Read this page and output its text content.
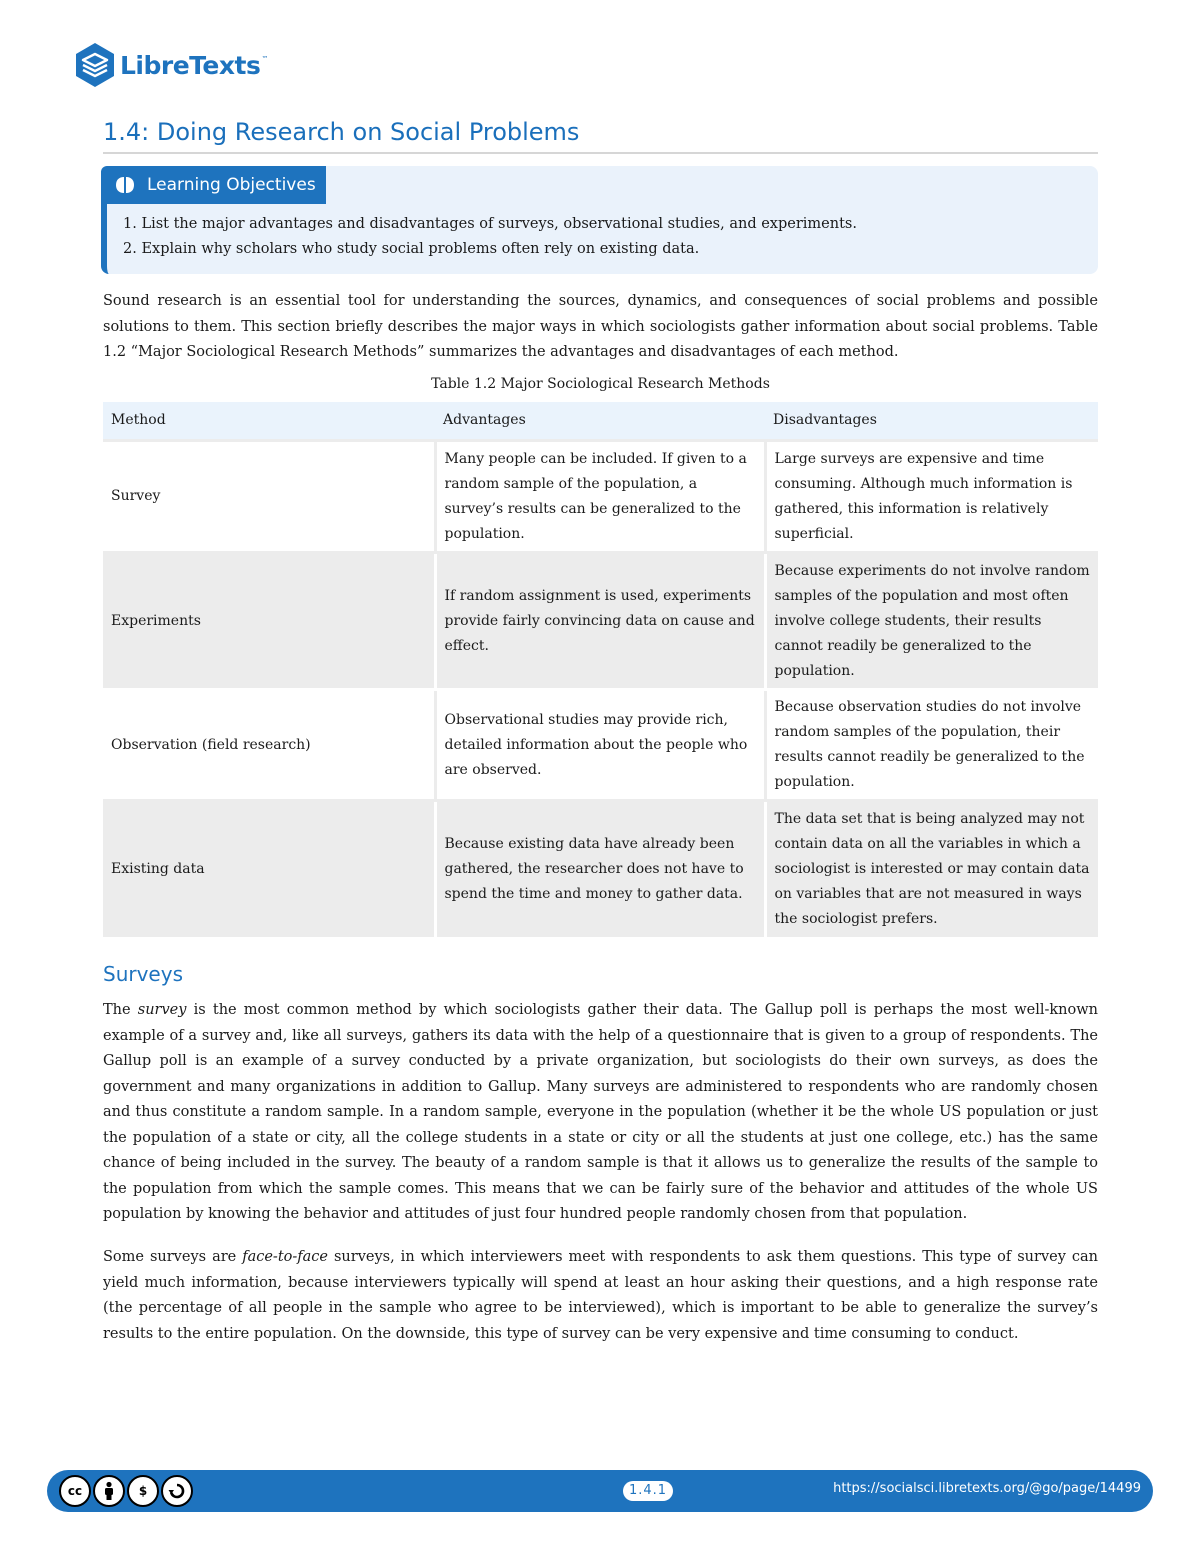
LibreTexts ™
1.4: Doing Research on Social Problems
Learning Objectives
1. List the major advantages and disadvantages of surveys, observational studies, and experiments.
2. Explain why scholars who study social problems often rely on existing data.

Sound research is an essential tool for understanding the sources, dynamics, and consequences of social problems and possible solutions to them. This section briefly describes the major ways in which sociologists gather information about social problems. Table 1.2 “Major Sociological Research Methods” summarizes the advantages and disadvantages of each method.

Table 1.2 Major Sociological Research Methods
Method	Advantages	Disadvantages
Survey	Many people can be included. If given to a random sample of the population, a survey’s results can be generalized to the population.	Large surveys are expensive and time consuming. Although much information is gathered, this information is relatively superficial.
Experiments	If random assignment is used, experiments provide fairly convincing data on cause and effect.	Because experiments do not involve random samples of the population and most often involve college students, their results cannot readily be generalized to the population.
Observation (field research)	Observational studies may provide rich, detailed information about the people who are observed.	Because observation studies do not involve random samples of the population, their results cannot readily be generalized to the population.
Existing data	Because existing data have already been gathered, the researcher does not have to spend the time and money to gather data.	The data set that is being analyzed may not contain data on all the variables in which a sociologist is interested or may contain data on variables that are not measured in ways the sociologist prefers.
Surveys

The survey is the most common method by which sociologists gather their data. The Gallup poll is perhaps the most well-known example of a survey and, like all surveys, gathers its data with the help of a questionnaire that is given to a group of respondents. The Gallup poll is an example of a survey conducted by a private organization, but sociologists do their own surveys, as does the government and many organizations in addition to Gallup. Many surveys are administered to respondents who are randomly chosen and thus constitute a random sample. In a random sample, everyone in the population (whether it be the whole US population or just the population of a state or city, all the college students in a state or city or all the students at just one college, etc.) has the same chance of being included in the survey. The beauty of a random sample is that it allows us to generalize the results of the sample to the population from which the sample comes. This means that we can be fairly sure of the behavior and attitudes of the whole US population by knowing the behavior and attitudes of just four hundred people randomly chosen from that population.

Some surveys are face-to-face surveys, in which interviewers meet with respondents to ask them questions. This type of survey can yield much information, because interviewers typically will spend at least an hour asking their questions, and a high response rate (the percentage of all people in the sample who agree to be interviewed), which is important to be able to generalize the survey’s results to the entire population. On the downside, this type of survey can be very expensive and time consuming to conduct.

cc	$	1.4.1	https://socialsci.libretexts.org/@go/page/14499
